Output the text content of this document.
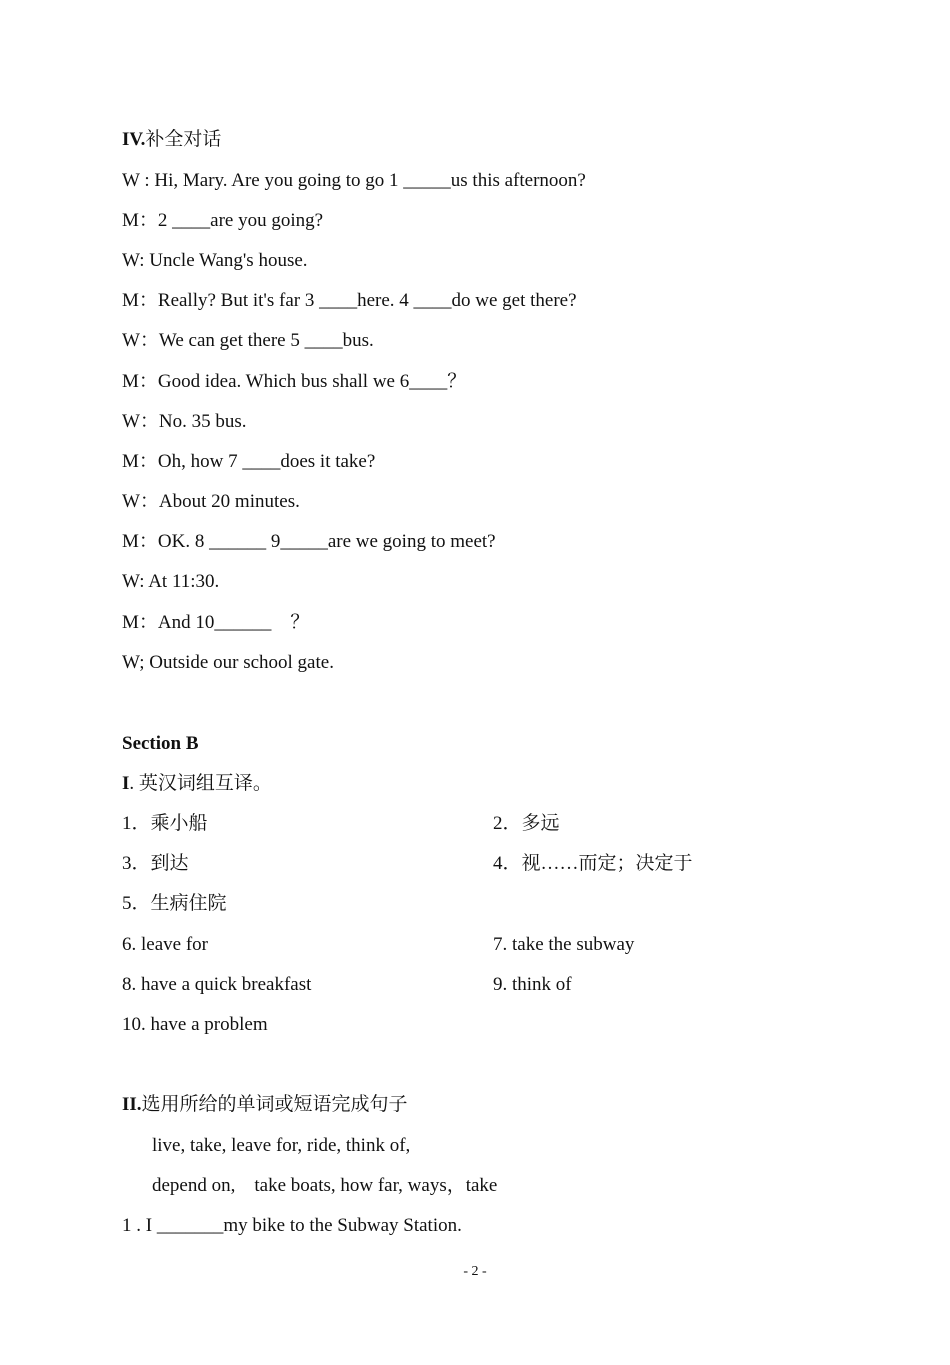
IV.补全对话
W : Hi, Mary. Are you going to go 1 _____us this afternoon?
M：2 ____are you going?
W: Uncle Wang's house.
M：Really? But it's far 3 ____here. 4 ____do we get there?
W：We can get there 5 ____bus.
M：Good idea. Which bus shall we 6____？
W：No. 35 bus.
M：Oh, how 7 ____does it take?
W：About 20 minutes.
M：OK. 8 ______ 9_____are we going to meet?
W: At 11:30.
M：And 10______　？
W; Outside our school gate.
Section B
I. 英汉词组互译。
1．乘小船	2．多远
3．到达	4．视……而定；决定于
5．生病住院
6. leave for	7. take the subway
8. have a quick breakfast	9. think of
10. have a problem
II.选用所给的单词或短语完成句子
live, take, leave for, ride, think of,
depend on,    take boats, how far, ways，take
1 . I _______my bike to the Subway Station.
- 2 -
